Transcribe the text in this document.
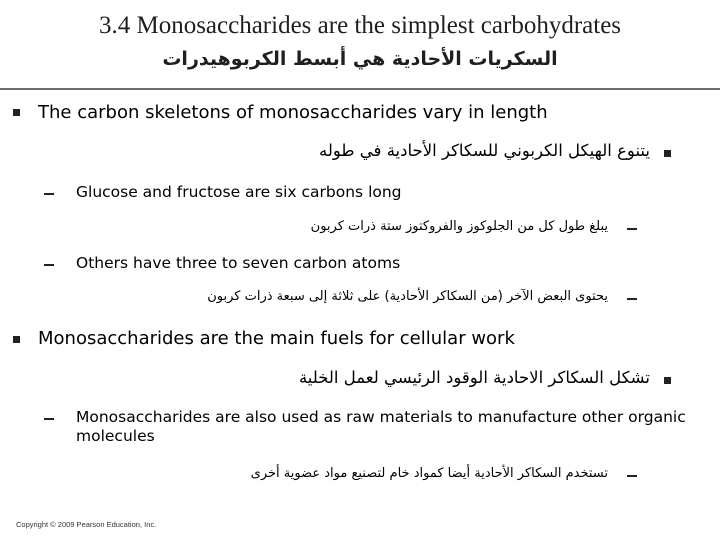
3.4 Monosaccharides are the simplest carbohydrates
السكريات الأحادية هي أبسط الكربوهيدرات
The carbon skeletons of monosaccharides vary in length
يتنوع الهيكل الكربوني للسكاكر الأحادية في طوله
Glucose and fructose are six carbons long
يبلغ طول كل من الجلوكوز والفروكتوز ستة ذرات كربون
Others have three to seven carbon atoms
يحتوى البعض الآخر (من السكاكر الأحادية) على ثلاثة إلى سبعة ذرات كربون
Monosaccharides are the main fuels for cellular work
تشكل السكاكر الاحادية الوقود الرئيسي لعمل الخلية
Monosaccharides are also used as raw materials to manufacture other organic molecules
تستخدم السكاكر الأحادية أيضا كمواد خام لتصنيع مواد عضوية أخرى
Copyright © 2009 Pearson Education, Inc.
